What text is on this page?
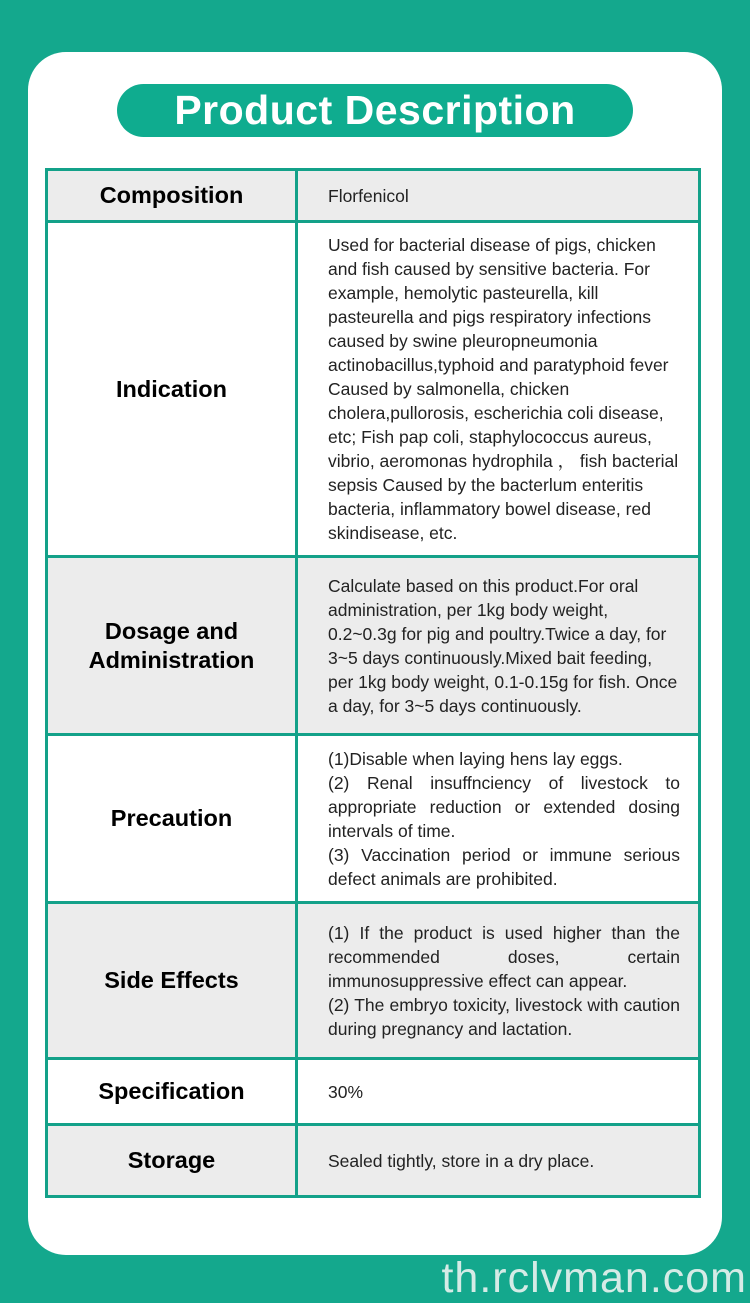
Product Description
Composition	Florfenicol

Indication	Used for bacterial disease of pigs, chicken and fish caused by sensitive bacteria. For example, hemolytic pasteurella, kill pasteurella and pigs respiratory infections caused by swine pleuropneumonia actinobacillus,typhoid and paratyphoid fever Caused by salmonella, chicken cholera,pullorosis, escherichia coli disease, etc; Fish pap coli, staphylococcus aureus, vibrio, aeromonas hydrophila ， fish bacterial sepsis Caused by the bacterlum enteritis bacteria, inflammatory bowel disease, red skindisease, etc.

Dosage and Administration	Calculate based on this product.For oral administration, per 1kg body weight, 0.2~0.3g for pig and poultry.Twice a day, for 3~5 days continuously.Mixed bait feeding, per 1kg body weight, 0.1-0.15g for fish. Once a day, for 3~5 days continuously.

Precaution	(1)Disable when laying hens lay eggs.

(2) Renal insuffnciency of livestock to appropriate reduction or extended dosing intervals of time.

(3) Vaccination period or immune serious defect animals are prohibited.

Side Effects	(1) If the product is used higher than the recommended doses, certain immunosuppressive effect can appear.

(2) The embryo toxicity, livestock with caution during pregnancy and lactation.

Specification	30%

Storage	Sealed tightly, store in a dry place.

th.rclvman.com
